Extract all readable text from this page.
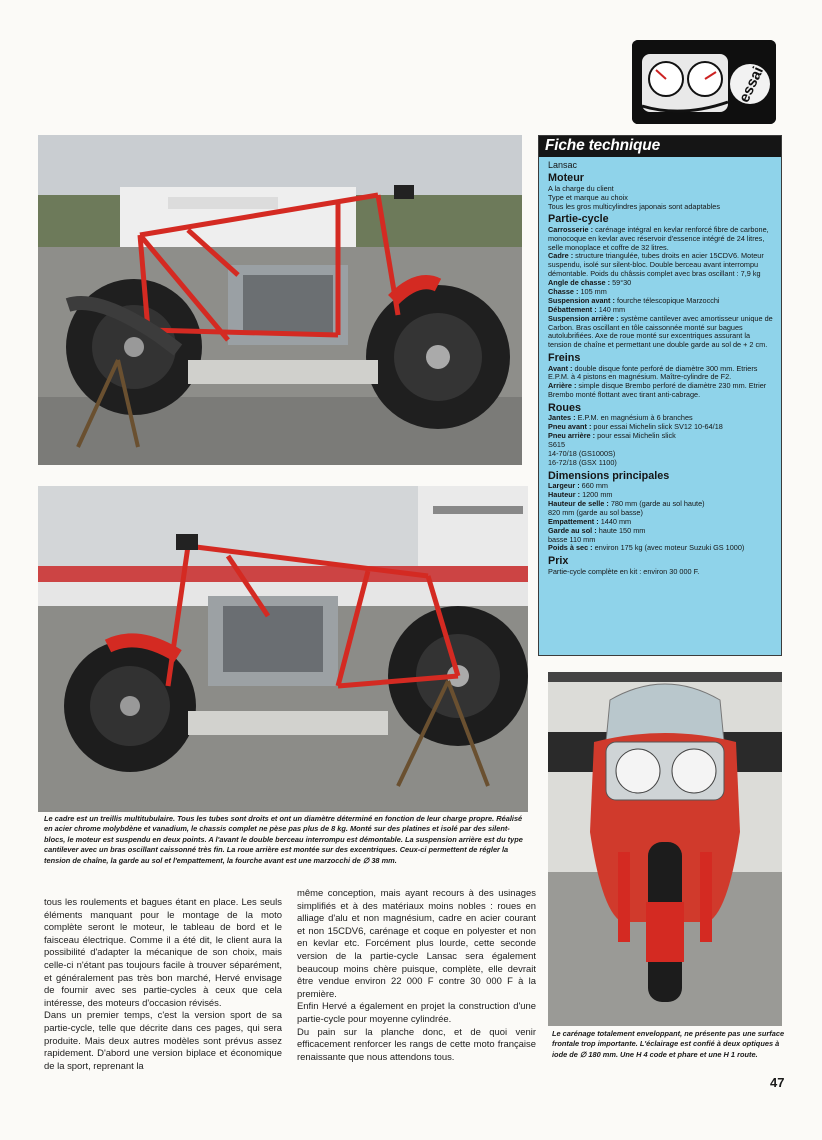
essai
Fiche technique

Lansac

Moteur

A la charge du client

Type et marque au choix

Tous les gros multicylindres japonais sont adaptables

Partie-cycle

Carrosserie : carénage intégral en kevlar renforcé fibre de carbone, monocoque en kevlar avec réservoir d'essence intégré de 24 litres, selle monoplace et coffre de 32 litres.

Cadre : structure triangulée, tubes droits en acier 15CDV6. Moteur suspendu, isolé sur silent-bloc. Double berceau avant interrompu démontable. Poids du châssis complet avec bras oscillant : 7,9 kg

Angle de chasse : 59°30

Chasse : 105 mm

Suspension avant : fourche télescopique Marzocchi

Débattement : 140 mm

Suspension arrière : système cantilever avec amortisseur unique de Carbon. Bras oscillant en tôle caissonnée monté sur bagues autolubrifiées. Axe de roue monté sur excentriques assurant la tension de chaîne et permettant une double garde au sol de + 2 cm.

Freins

Avant : double disque fonte perforé de diamètre 300 mm. Etriers E.P.M. à 4 pistons en magnésium. Maître-cylindre de F2.

Arrière : simple disque Brembo perforé de diamètre 230 mm. Etrier Brembo monté flottant avec tirant anti-cabrage.

Roues

Jantes : E.P.M. en magnésium à 6 branches

Pneu avant : pour essai Michelin slick SV12 10-64/18

Pneu arrière : pour essai Michelin slick

S615

14-70/18 (GS1000S)

16-72/18 (GSX 1100)

Dimensions principales

Largeur : 660 mm

Hauteur : 1200 mm

Hauteur de selle : 780 mm (garde au sol haute)

820 mm (garde au sol basse)

Empattement : 1440 mm

Garde au sol : haute 150 mm

basse 110 mm

Poids à sec : environ 175 kg (avec moteur Suzuki GS 1000)

Prix

Partie-cycle complète en kit : environ 30 000 F.

Le cadre est un treillis multitubulaire. Tous les tubes sont droits et ont un diamètre déterminé en fonction de leur charge propre. Réalisé en acier chrome molybdène et vanadium, le chassis complet ne pèse pas plus de 8 kg. Monté sur des platines et isolé par des silent-blocs, le moteur est suspendu en deux points. A l'avant le double berceau interrompu est démontable. La suspension arrière est du type cantilever avec un bras oscillant caissonné très fin. La roue arrière est montée sur des excentriques. Ceux-ci permettent de régler la tension de chaîne, la garde au sol et l'empattement, la fourche avant est une marzocchi de ∅ 38 mm.

Le carénage totalement enveloppant, ne présente pas une surface frontale trop importante. L'éclairage est confié à deux optiques à iode de ∅ 180 mm. Une H 4 code et phare et une H 1 route.

tous les roulements et bagues étant en place. Les seuls éléments manquant pour le montage de la moto complète seront le moteur, le tableau de bord et le faisceau électrique. Comme il a été dit, le client aura la possibilité d'adapter la mécanique de son choix, mais celle-ci n'étant pas toujours facile à trouver séparément, et généralement pas très bon marché, Hervé envisage de fournir avec ses partie-cycles à ceux que cela intéresse, des moteurs d'occasion révisés.

Dans un premier temps, c'est la version sport de sa partie-cycle, telle que décrite dans ces pages, qui sera produite. Mais deux autres modèles sont prévus assez rapidement. D'abord une version biplace et économique de la sport, reprenant la

même conception, mais ayant recours à des usinages simplifiés et à des matériaux moins nobles : roues en alliage d'alu et non magnésium, cadre en acier courant et non 15CDV6, carénage et coque en polyester et non en kevlar etc. Forcément plus lourde, cette seconde version de la partie-cycle Lansac sera également beaucoup moins chère puisque, complète, elle devrait être vendue environ 22 000 F contre 30 000 F à la première.

Enfin Hervé a également en projet la construction d'une partie-cycle pour moyenne cylindrée.

Du pain sur la planche donc, et de quoi venir efficacement renforcer les rangs de cette moto française renaissante que nous attendons tous.

47
